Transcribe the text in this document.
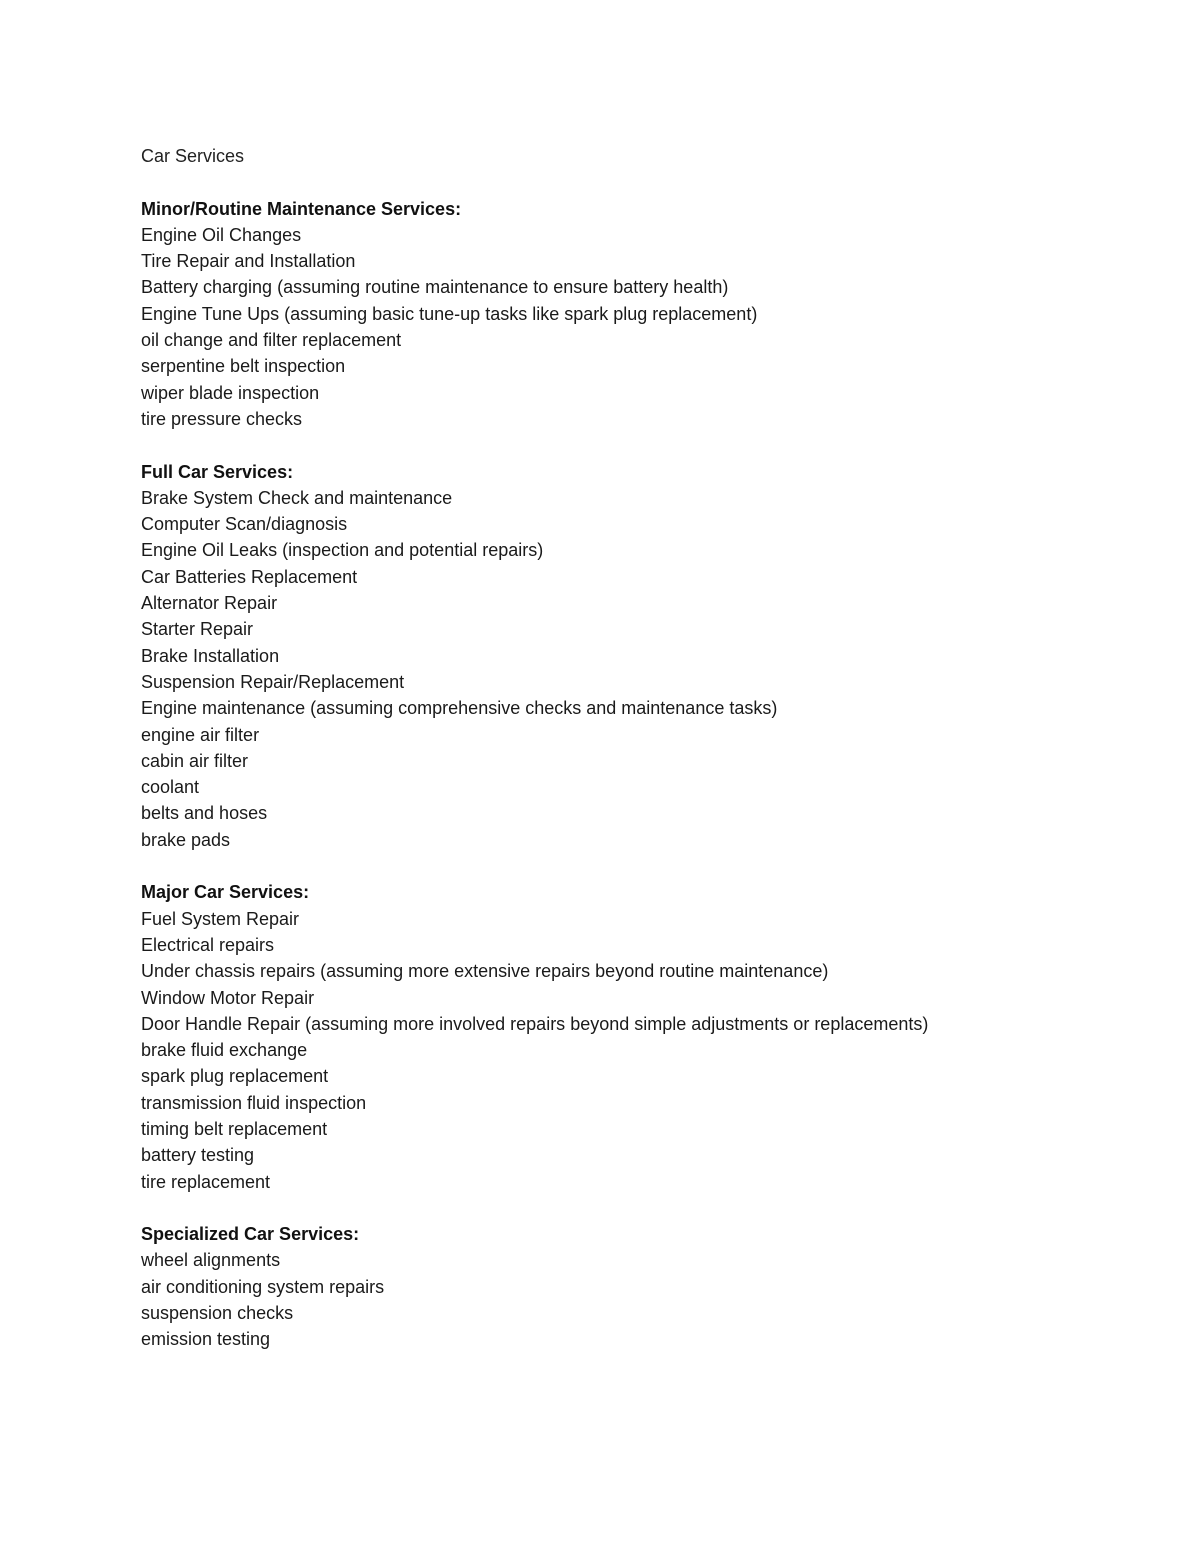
Car Services

Minor/Routine Maintenance Services:

Engine Oil Changes
Tire Repair and Installation
Battery charging (assuming routine maintenance to ensure battery health)
Engine Tune Ups (assuming basic tune-up tasks like spark plug replacement)
oil change and filter replacement
serpentine belt inspection
wiper blade inspection
tire pressure checks

Full Car Services:

Brake System Check and maintenance
Computer Scan/diagnosis
Engine Oil Leaks (inspection and potential repairs)
Car Batteries Replacement
Alternator Repair
Starter Repair
Brake Installation
Suspension Repair/Replacement
Engine maintenance (assuming comprehensive checks and maintenance tasks)
engine air filter
cabin air filter
coolant
belts and hoses
brake pads

Major Car Services:

Fuel System Repair
Electrical repairs
Under chassis repairs (assuming more extensive repairs beyond routine maintenance)
Window Motor Repair
Door Handle Repair (assuming more involved repairs beyond simple adjustments or replacements)
brake fluid exchange
spark plug replacement
transmission fluid inspection
timing belt replacement
battery testing
tire replacement

Specialized Car Services:

wheel alignments
air conditioning system repairs
suspension checks
emission testing
